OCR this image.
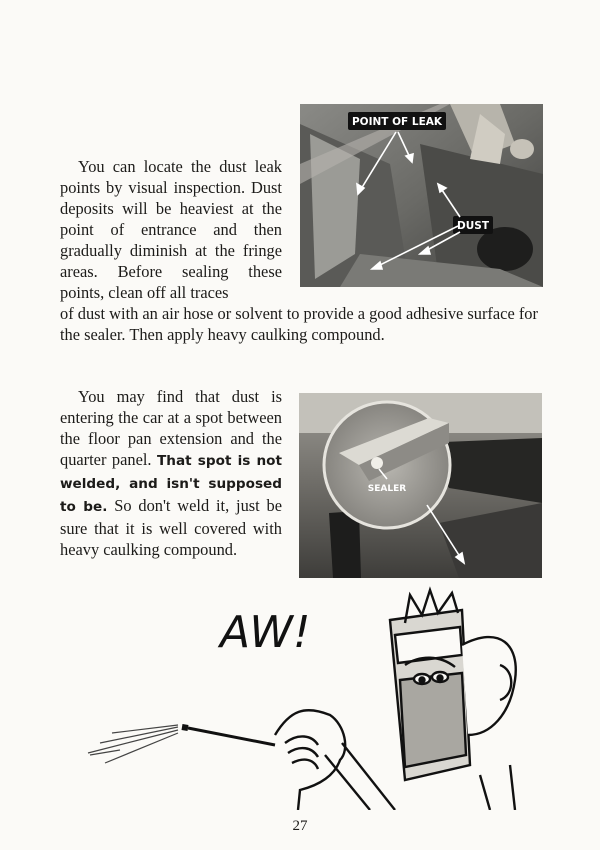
You can locate the dust leak points by visual inspection. Dust deposits will be heaviest at the point of entrance and then gradually diminish at the fringe areas. Before sealing these points, clean off all traces

of dust with an air hose or solvent to provide a good adhesive surface for the sealer. Then apply heavy caulking compound.

POINT OF LEAK
DUST

You may find that dust is entering the car at a spot between the floor pan extension and the quarter panel. That spot is not welded, and isn't supposed to be. So don't weld it, just be sure that it is well covered with heavy caulking compound.

SEALER
AW!
27
